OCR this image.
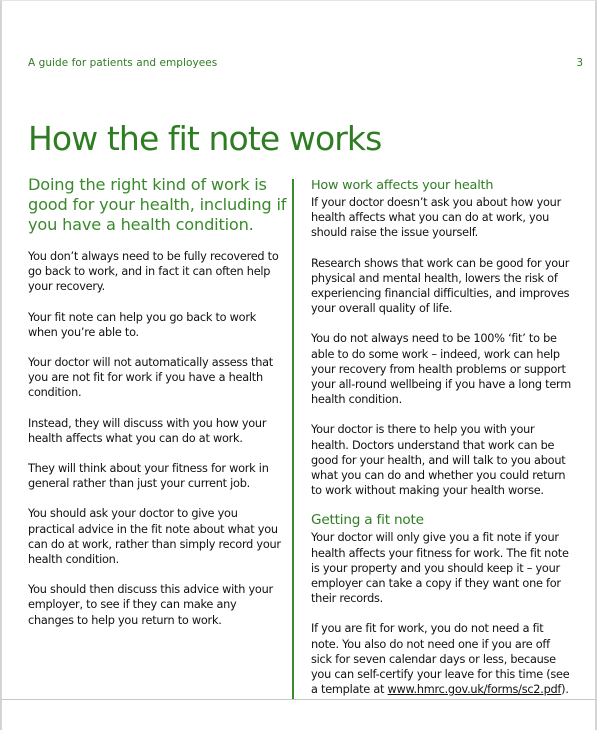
A guide for patients and employees	3
How the fit note works
Doing the right kind of work is good for your health, including if you have a health condition.

You don’t always need to be fully recovered to go back to work, and in fact it can often help your recovery.

Your fit note can help you go back to work when you’re able to.

Your doctor will not automatically assess that you are not fit for work if you have a health condition.

Instead, they will discuss with you how your health affects what you can do at work.

They will think about your fitness for work in general rather than just your current job.

You should ask your doctor to give you practical advice in the fit note about what you can do at work, rather than simply record your health condition.

You should then discuss this advice with your employer, to see if they can make any changes to help you return to work.

How work affects your health

If your doctor doesn’t ask you about how your health affects what you can do at work, you should raise the issue yourself.

Research shows that work can be good for your physical and mental health, lowers the risk of experiencing financial difficulties, and improves your overall quality of life.

You do not always need to be 100% ‘fit’ to be able to do some work – indeed, work can help your recovery from health problems or support your all-round wellbeing if you have a long term health condition.

Your doctor is there to help you with your health. Doctors understand that work can be good for your health, and will talk to you about what you can do and whether you could return to work without making your health worse.

Getting a fit note

Your doctor will only give you a fit note if your health affects your fitness for work. The fit note is your property and you should keep it – your employer can take a copy if they want one for their records.

If you are fit for work, you do not need a fit note. You also do not need one if you are off sick for seven calendar days or less, because you can self-certify your leave for this time (see a template at www.hmrc.gov.uk/forms/sc2.pdf).
